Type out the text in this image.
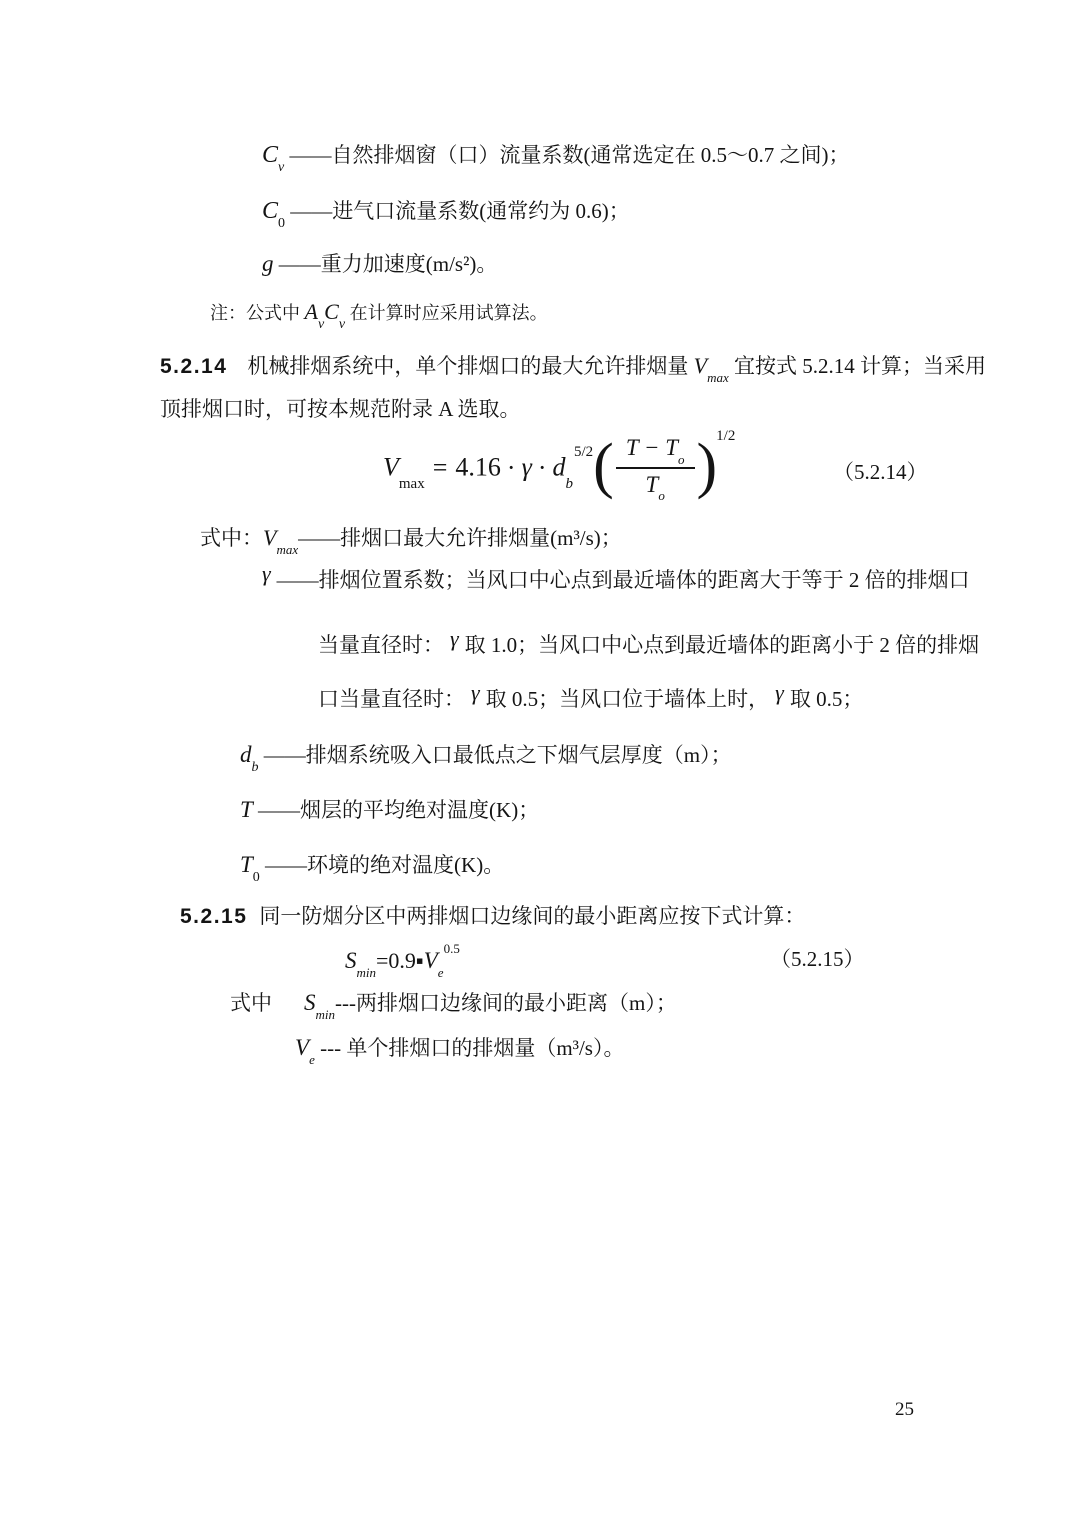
$C_v$ ——自然排烟窗（口）流量系数(通常选定在 0.5～0.7 之间)；
$C_0$ ——进气口流量系数(通常约为 0.6)；
g ——重力加速度(m/s²)。
注：公式中 $A_vC_v$ 在计算时应采用试算法。
5.2.14 机械排烟系统中，单个排烟口的最大允许排烟量 $V_{max}$ 宜按式 5.2.14 计算；当采用
顶排烟口时，可按本规范附录 A 选取。
$V_{max}= 4.16 \cdot \gamma \cdot d_b^{5/2}( \frac{T - T_o}{T_o} )^{1/2}$
（5.2.14）
式中：$V_{max}——$排烟口最大允许排烟量(m³/s)；
γ ——排烟位置系数；当风口中心点到最近墙体的距离大于等于 2 倍的排烟口
当量直径时： γ 取 1.0；当风口中心点到最近墙体的距离小于 2 倍的排烟
口当量直径时： γ 取 0.5；当风口位于墙体上时， γ 取 0.5；
$d_b$ ——排烟系统吸入口最低点之下烟气层厚度（m）；
T ——烟层的平均绝对温度(K)；
$T_0$ ——环境的绝对温度(K)。
5.2.15 同一防烟分区中两排烟口边缘间的最小距离应按下式计算：
$S_{min}=0.9▪V_e^{0.5}$	（5.2.15）
式中 $S_{min}---$两排烟口边缘间的最小距离（m）；
$V_e$ --- 单个排烟口的排烟量（m³/s）。
25
